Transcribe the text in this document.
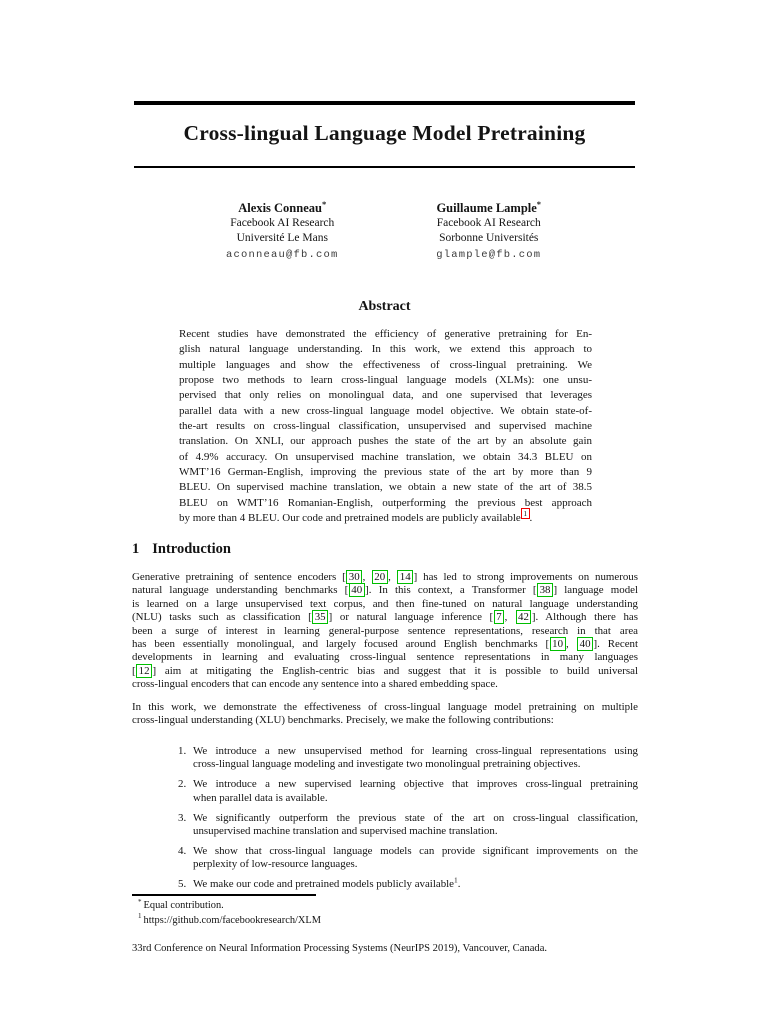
Cross-lingual Language Model Pretraining
Alexis Conneau*
Facebook AI Research
Université Le Mans
aconneau@fb.com
Guillaume Lample*
Facebook AI Research
Sorbonne Universités
glample@fb.com
Abstract
Recent studies have demonstrated the efficiency of generative pretraining for En-
glish natural language understanding. In this work, we extend this approach to
multiple languages and show the effectiveness of cross-lingual pretraining. We
propose two methods to learn cross-lingual language models (XLMs): one unsu-
pervised that only relies on monolingual data, and one supervised that leverages
parallel data with a new cross-lingual language model objective. We obtain state-of-
the-art results on cross-lingual classification, unsupervised and supervised machine
translation. On XNLI, our approach pushes the state of the art by an absolute gain
of 4.9% accuracy. On unsupervised machine translation, we obtain 34.3 BLEU on
WMT’16 German-English, improving the previous state of the art by more than 9
BLEU. On supervised machine translation, we obtain a new state of the art of 38.5
BLEU on WMT’16 Romanian-English, outperforming the previous best approach
by more than 4 BLEU. Our code and pretrained models are publicly available $^1$ .
1 Introduction
Generative pretraining of sentence encoders [ 30 , 20 , 14 ] has led to strong improvements on numerous
natural language understanding benchmarks [ 40 ]. In this context, a Transformer [ 38 ] language model
is learned on a large unsupervised text corpus, and then fine-tuned on natural language understanding
(NLU) tasks such as classification [ 35 ] or natural language inference [ 7 , 42 ]. Although there has
been a surge of interest in learning general-purpose sentence representations, research in that area
has been essentially monolingual, and largely focused around English benchmarks [ 10 , 40 ]. Recent
developments in learning and evaluating cross-lingual sentence representations in many languages
[ 12 ] aim at mitigating the English-centric bias and suggest that it is possible to build universal
cross-lingual encoders that can encode any sentence into a shared embedding space.
In this work, we demonstrate the effectiveness of cross-lingual language model pretraining on multiple
cross-lingual understanding (XLU) benchmarks. Precisely, we make the following contributions:
1. We introduce a new unsupervised method for learning cross-lingual representations using
cross-lingual language modeling and investigate two monolingual pretraining objectives.
2. We introduce a new supervised learning objective that improves cross-lingual pretraining
when parallel data is available.
3. We significantly outperform the previous state of the art on cross-lingual classification,
unsupervised machine translation and supervised machine translation.
4. We show that cross-lingual language models can provide significant improvements on the
perplexity of low-resource languages.
5. We make our code and pretrained models publicly available$^1$.
* Equal contribution.
$^1$ https://github.com/facebookresearch/XLM
33rd Conference on Neural Information Processing Systems (NeurIPS 2019), Vancouver, Canada.
